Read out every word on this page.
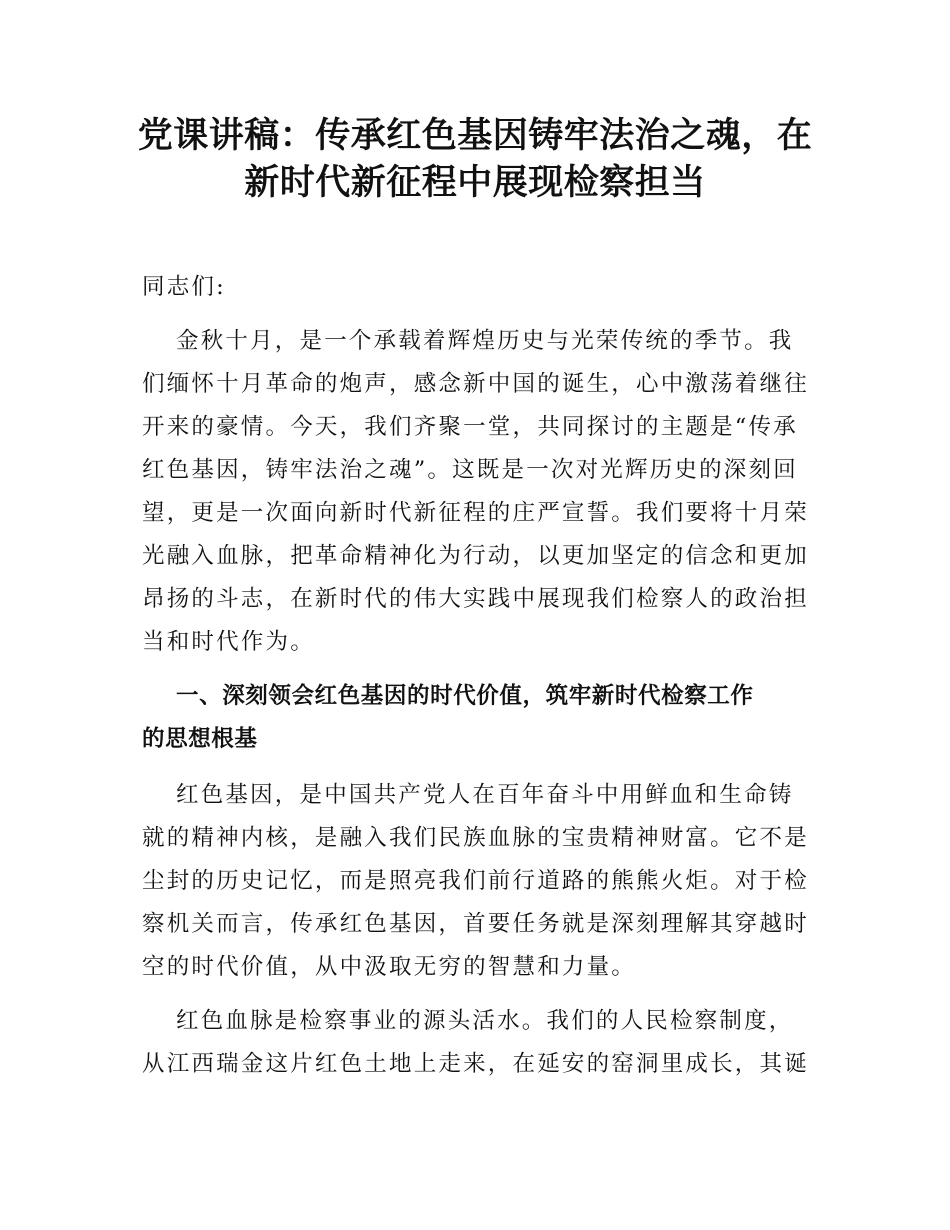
党课讲稿：传承红色基因铸牢法治之魂，在
新时代新征程中展现检察担当

同志们:

金秋十月，是一个承载着辉煌历史与光荣传统的季节。我
们缅怀十月革命的炮声，感念新中国的诞生，心中激荡着继往
开来的豪情。今天，我们齐聚一堂，共同探讨的主题是“传承
红色基因，铸牢法治之魂”。这既是一次对光辉历史的深刻回
望，更是一次面向新时代新征程的庄严宣誓。我们要将十月荣
光融入血脉，把革命精神化为行动，以更加坚定的信念和更加
昂扬的斗志，在新时代的伟大实践中展现我们检察人的政治担
当和时代作为。

一、深刻领会红色基因的时代价值，筑牢新时代检察工作
的思想根基

红色基因，是中国共产党人在百年奋斗中用鲜血和生命铸
就的精神内核，是融入我们民族血脉的宝贵精神财富。它不是
尘封的历史记忆，而是照亮我们前行道路的熊熊火炬。对于检
察机关而言，传承红色基因，首要任务就是深刻理解其穿越时
空的时代价值，从中汲取无穷的智慧和力量。

红色血脉是检察事业的源头活水。我们的人民检察制度，
从江西瑞金这片红色土地上走来，在延安的窑洞里成长，其诞
